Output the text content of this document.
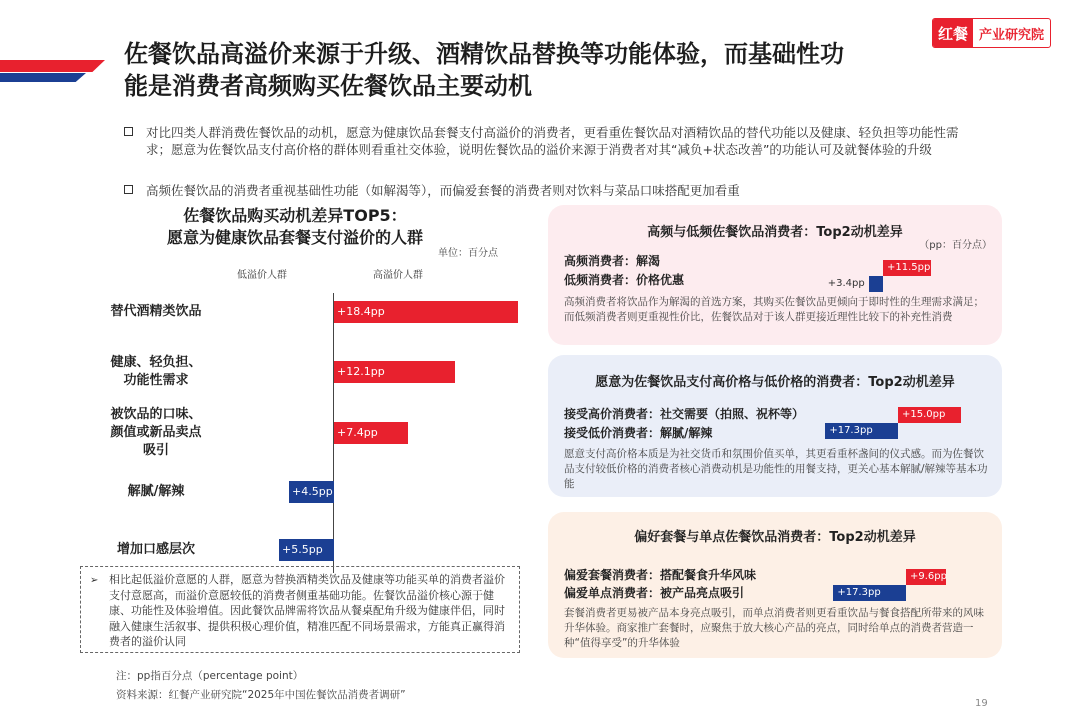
佐餐饮品高溢价来源于升级、酒精饮品替换等功能体验，而基础性功
能是消费者高频购买佐餐饮品主要动机
红餐 产业研究院
对比四类人群消费佐餐饮品的动机，愿意为健康饮品套餐支付高溢价的消费者，更看重佐餐饮品对酒精饮品的替代功能以及健康、轻负担等功能性需求；愿意为佐餐饮品支付高价格的群体则看重社交体验，说明佐餐饮品的溢价来源于消费者对其“减负+状态改善”的功能认可及就餐体验的升级
高频佐餐饮品的消费者重视基础性功能（如解渴等），而偏爱套餐的消费者则对饮料与菜品口味搭配更加看重
佐餐饮品购买动机差异TOP5：
愿意为健康饮品套餐支付溢价的人群
单位：百分点
低溢价人群	高溢价人群
替代酒精类饮品	+18.4pp
健康、轻负担、
功能性需求
+12.1pp
被饮品的口味、
颜值或新品卖点
吸引
+7.4pp
解腻/解辣	+4.5pp
增加口感层次	+5.5pp
➢ 相比起低溢价意愿的人群，愿意为替换酒精类饮品及健康等功能买单的消费者溢价支付意愿高，而溢价意愿较低的消费者侧重基础功能。佐餐饮品溢价核心源于健康、功能性及体验增值。因此餐饮品牌需将饮品从餐桌配角升级为健康伴侣，同时融入健康生活叙事、提供积极心理价值，精准匹配不同场景需求，方能真正赢得消费者的溢价认同
注：pp指百分点（percentage point）
资料来源：红餐产业研究院“2025年中国佐餐饮品消费者调研”
19
高频与低频佐餐饮品消费者：Top2动机差异
（pp：百分点）
高频消费者：解渴
低频消费者：价格优惠
+11.5pp
+3.4pp
高频消费者将饮品作为解渴的首选方案，其购买佐餐饮品更倾向于即时性的生理需求满足；而低频消费者则更重视性价比，佐餐饮品对于该人群更接近理性比较下的补充性消费
愿意为佐餐饮品支付高价格与低价格的消费者：Top2动机差异
接受高价消费者：社交需要（拍照、祝杯等）
接受低价消费者：解腻/解辣
+15.0pp
+17.3pp
愿意支付高价格本质是为社交货币和氛围价值买单，其更看重杯盏间的仪式感。而为佐餐饮品支付较低价格的消费者核心消费动机是功能性的用餐支持，更关心基本解腻/解辣等基本功能
偏好套餐与单点佐餐饮品消费者：Top2动机差异
偏爱套餐消费者：搭配餐食升华风味
偏爱单点消费者：被产品亮点吸引
+9.6pp
+17.3pp
套餐消费者更易被产品本身亮点吸引，而单点消费者则更看重饮品与餐食搭配所带来的风味升华体验。商家推广套餐时，应聚焦于放大核心产品的亮点，同时给单点的消费者营造一种“值得享受”的升华体验
